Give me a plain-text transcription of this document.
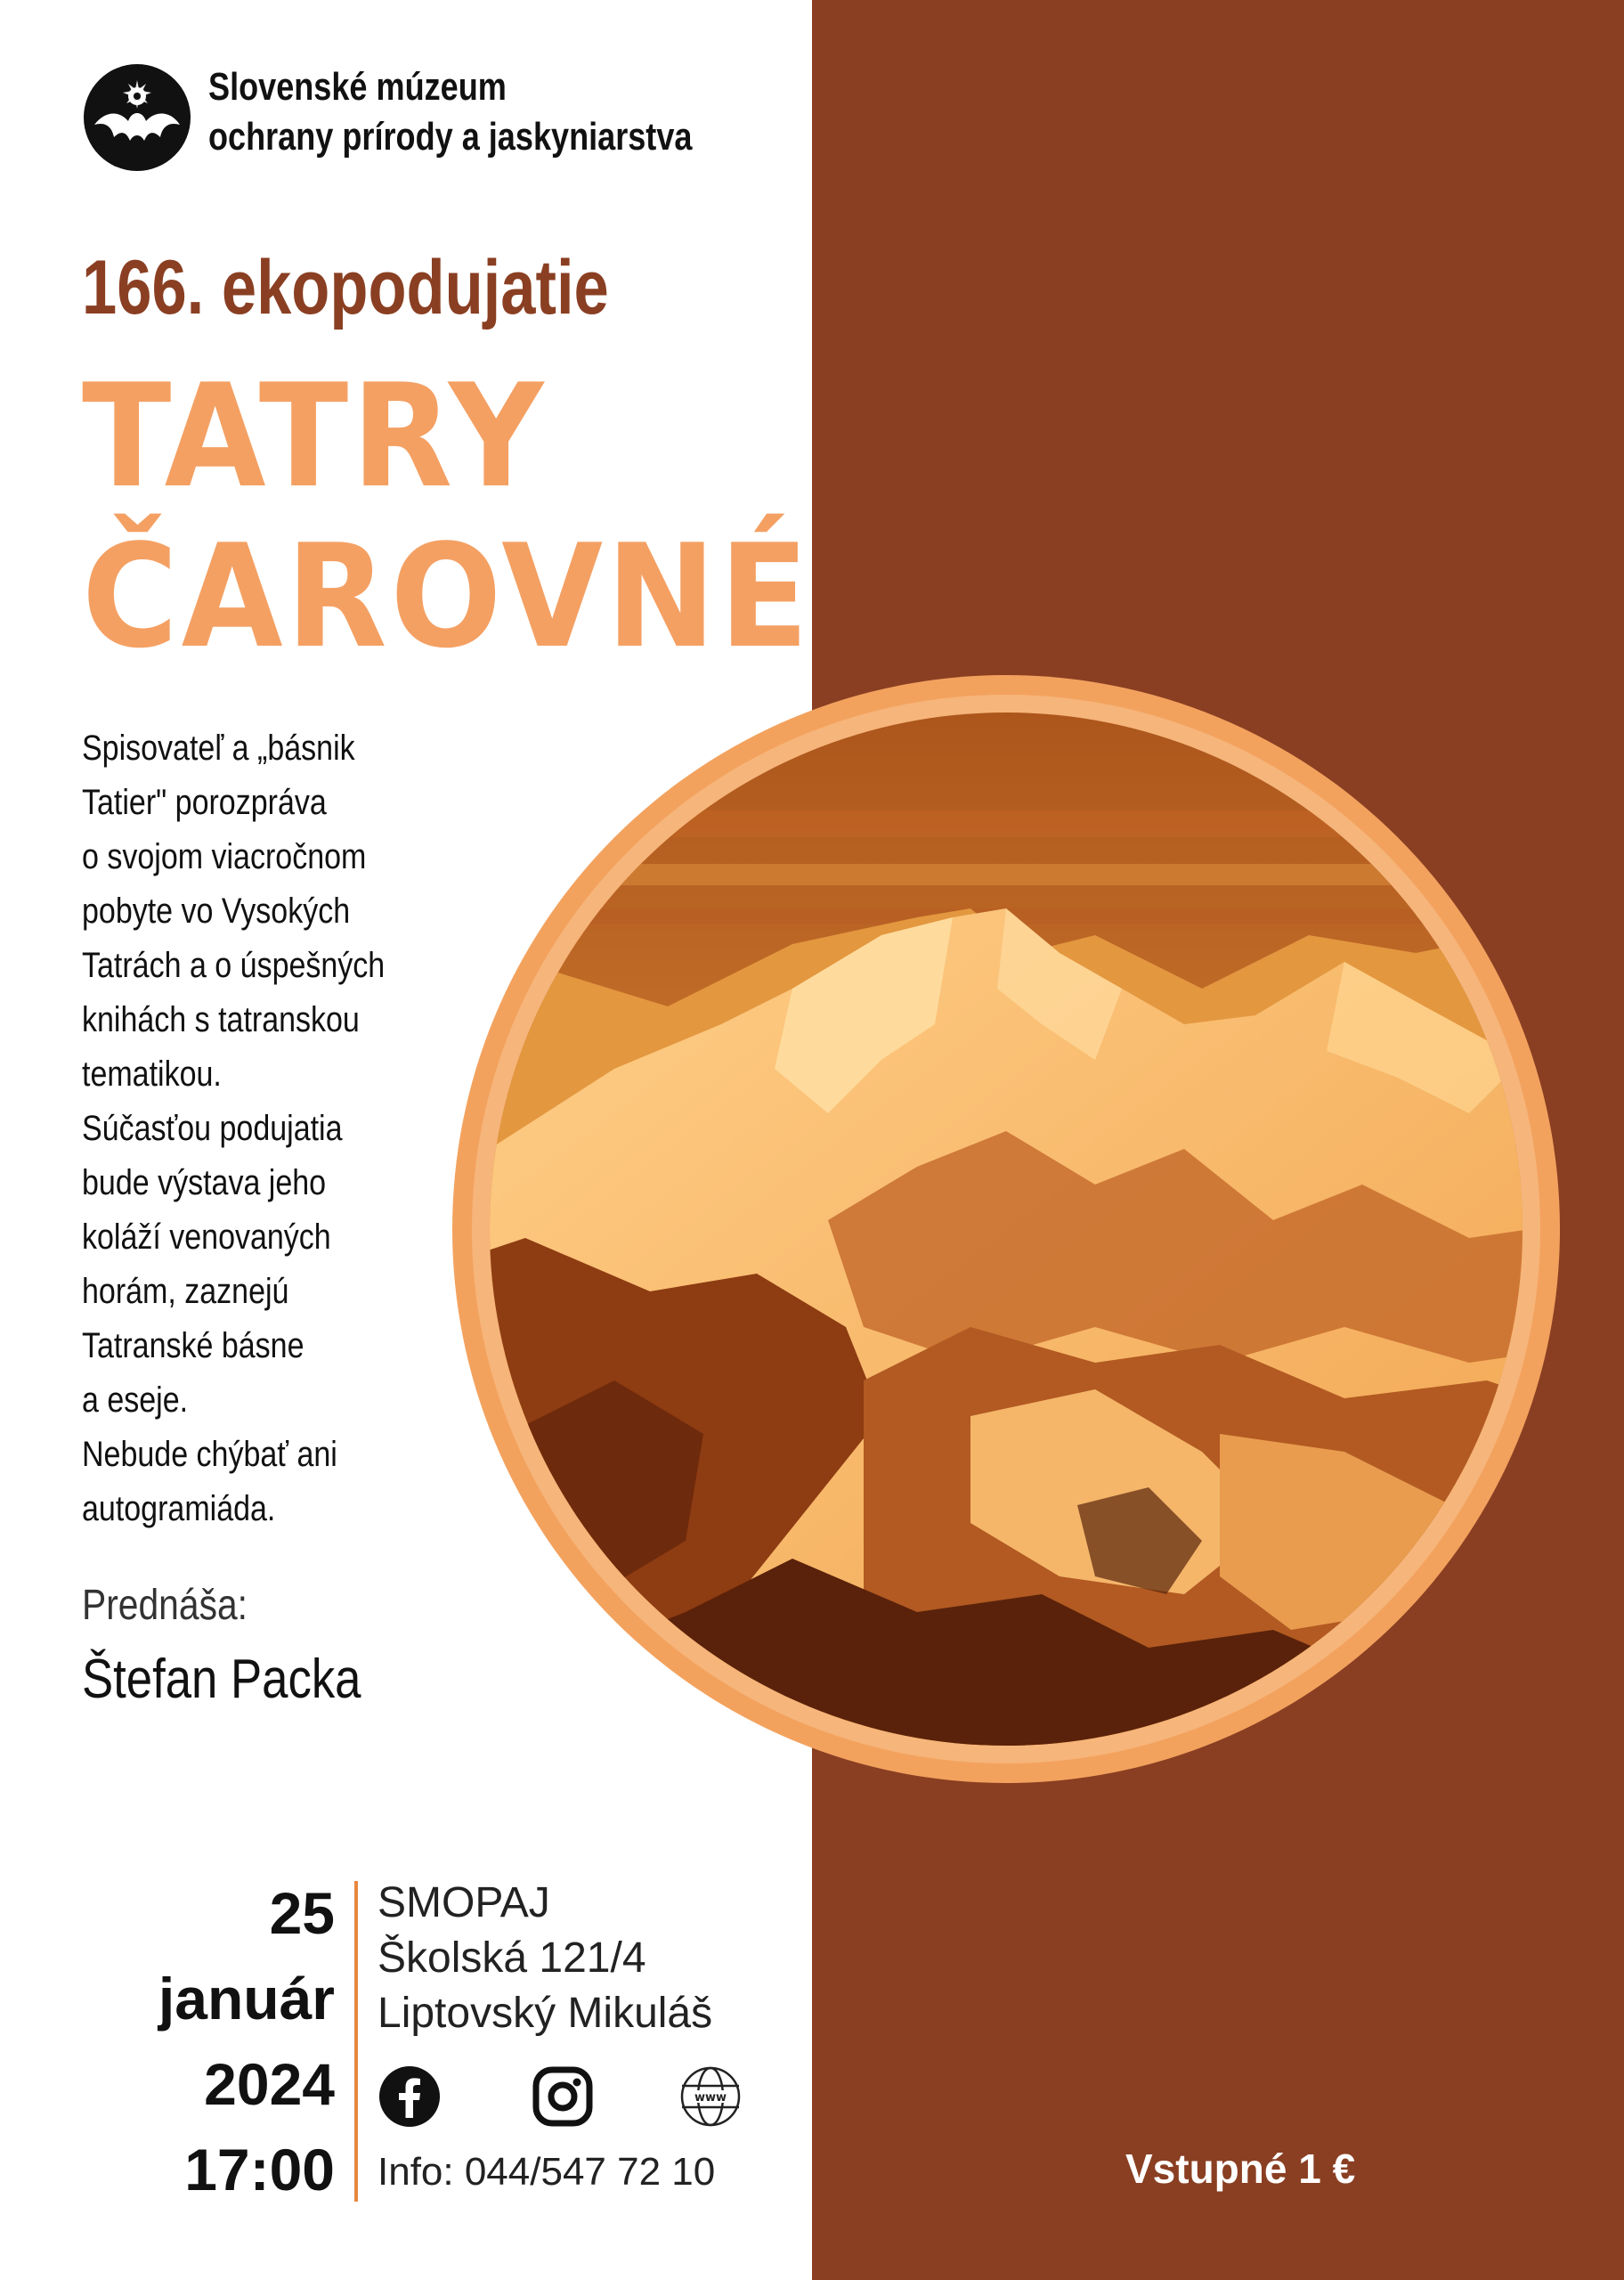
Slovenské múzeum
ochrany prírody a jaskyniarstva
166. ekopodujatie
TATRY
ČAROVNÉ
Spisovateľ a „básnik
Tatier" porozpráva
o svojom viacročnom
pobyte vo Vysokých
Tatrách a o úspešných
knihách s tatranskou
tematikou.
Súčasťou podujatia
bude výstava jeho
koláží venovaných
horám, zaznejú
Tatranské básne
a eseje.
Nebude chýbať ani
autogramiáda.
Prednáša:
Štefan Packa
25
január
2024
17:00
SMOPAJ
Školská 121/4
Liptovský Mikuláš
www
Info: 044/547 72 10	Vstupné 1 €
